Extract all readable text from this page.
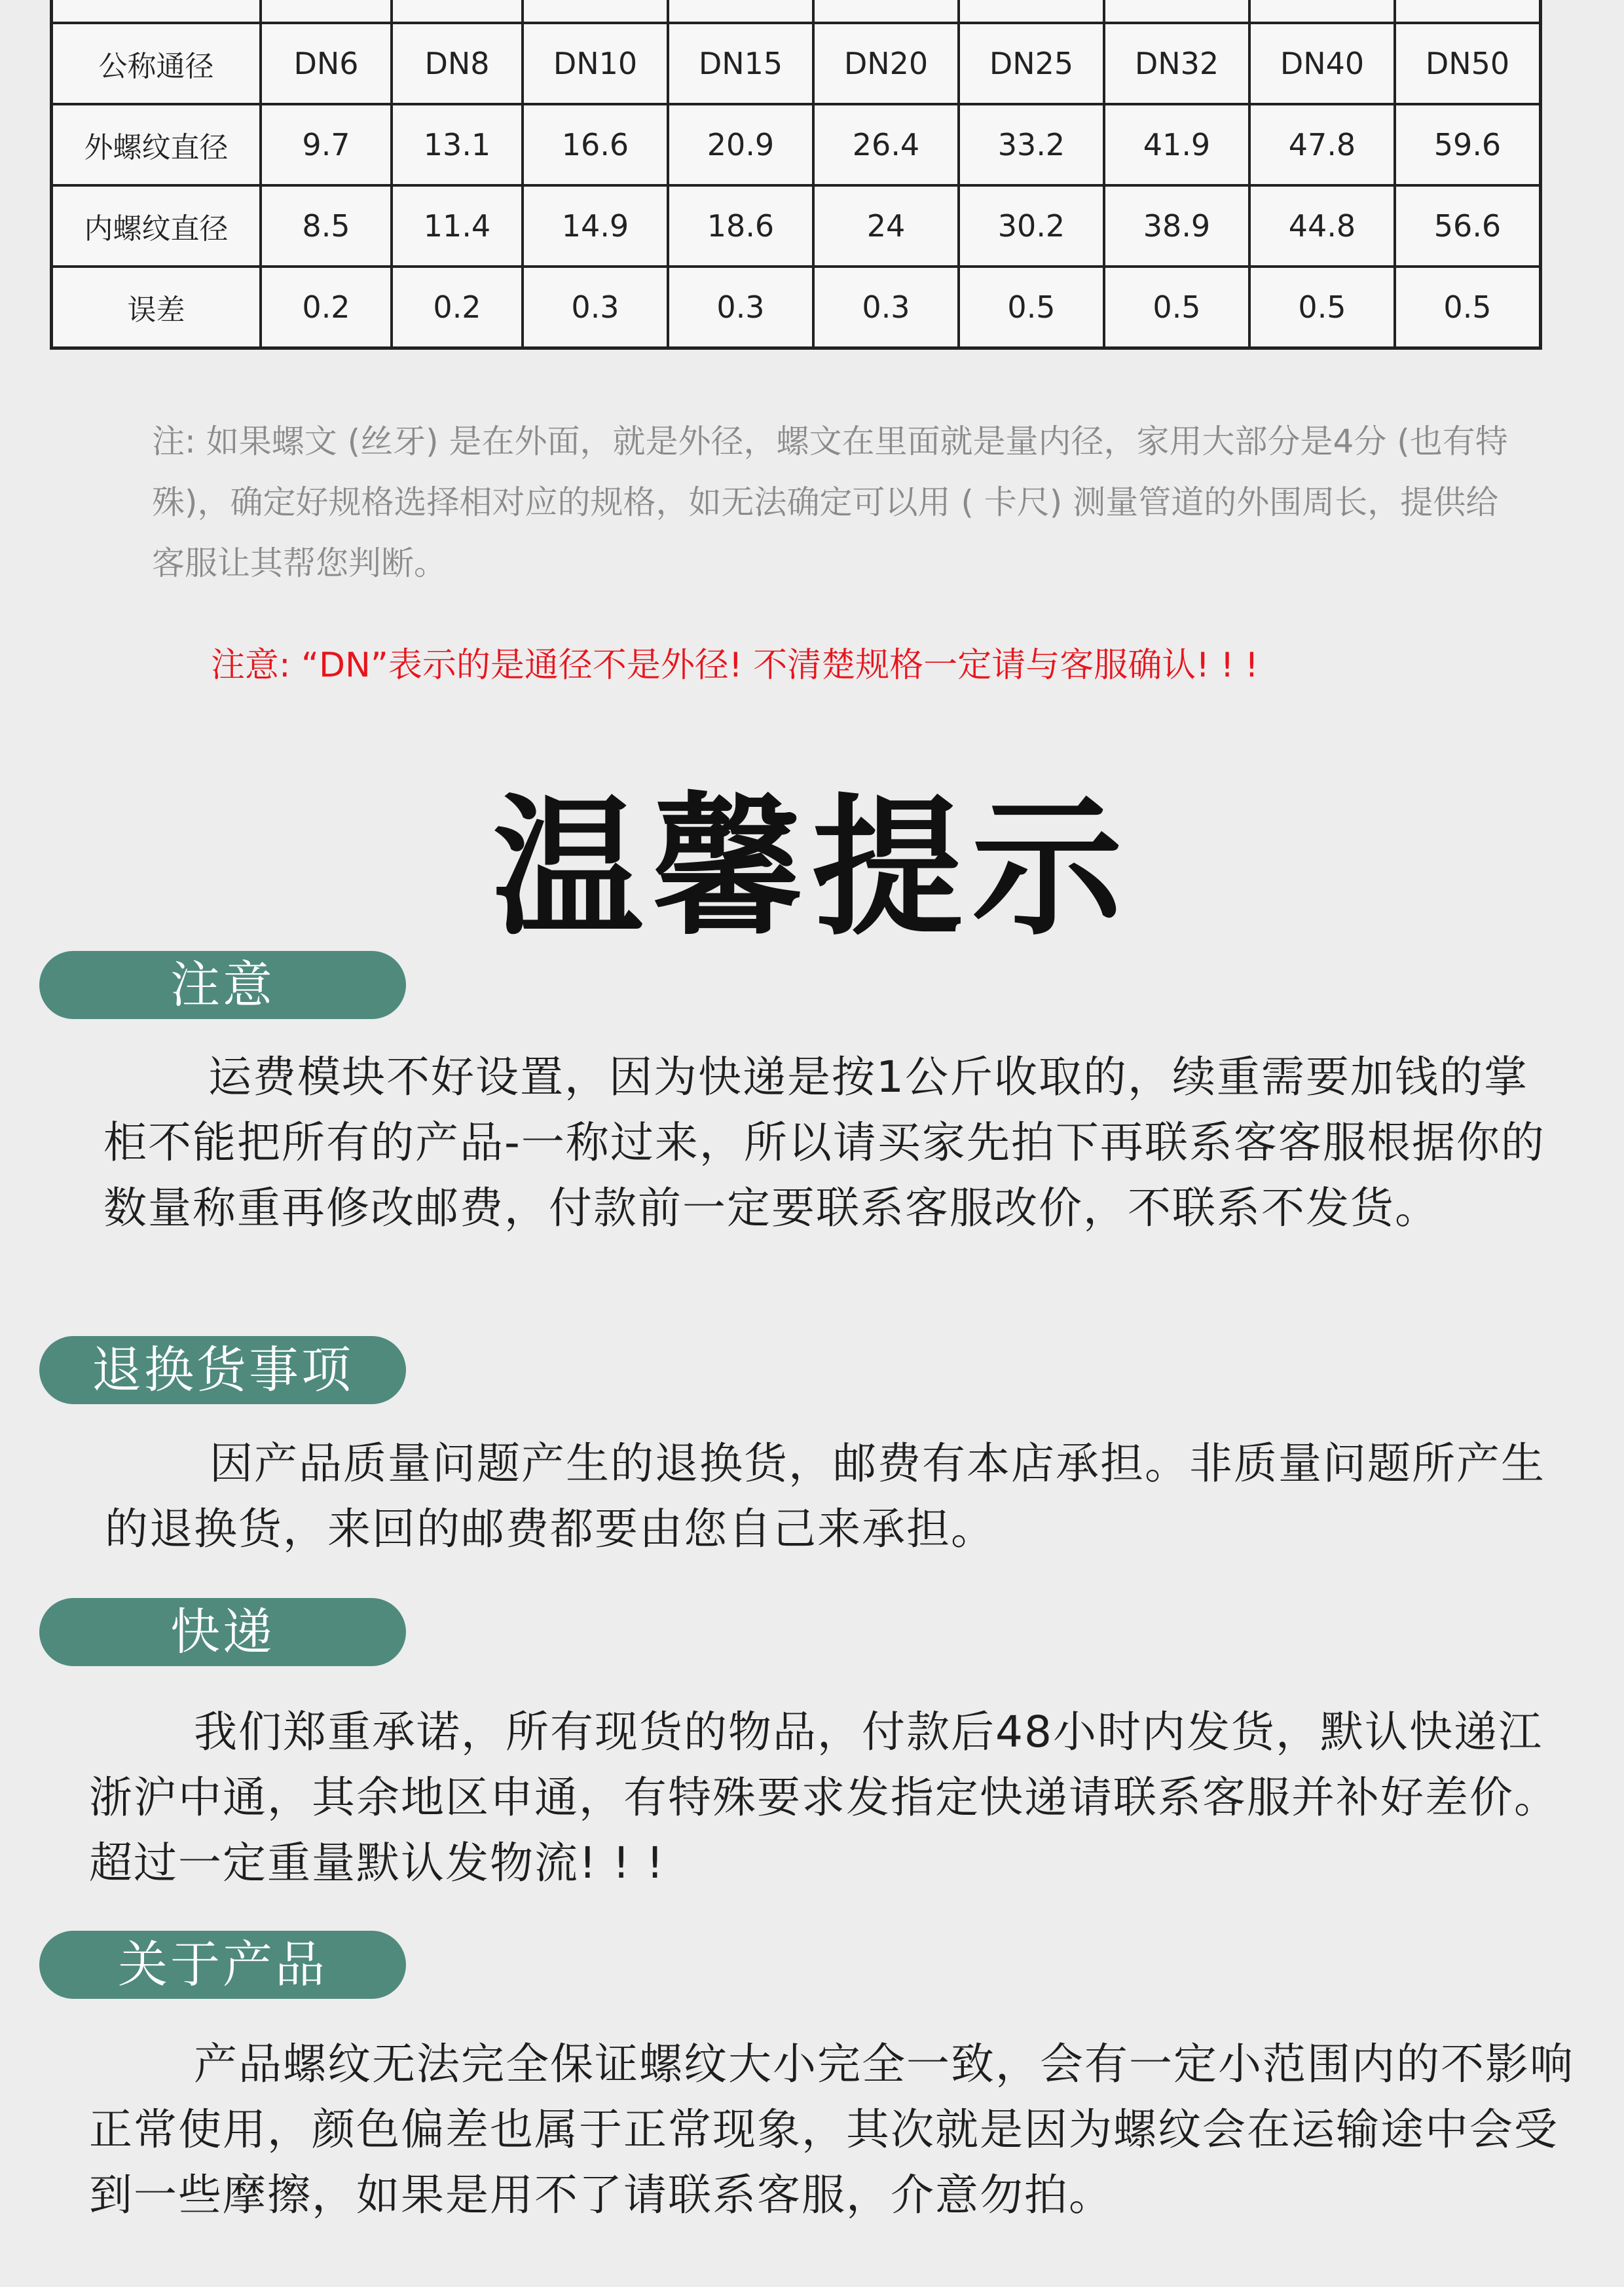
公称通径	DN6	DN8	DN10	DN15	DN20	DN25	DN32	DN40	DN50
外螺纹直径	9.7	13.1	16.6	20.9	26.4	33.2	41.9	47.8	59.6
内螺纹直径	8.5	11.4	14.9	18.6	24	30.2	38.9	44.8	56.6
误差	0.2	0.2	0.3	0.3	0.3	0.5	0.5	0.5	0.5
注: 如果螺文 (丝牙) 是在外面，就是外径，螺文在里面就是量内径，家用大部分是4分 (也有特殊)，确定好规格选择相对应的规格，如无法确定可以用 ( 卡尺) 测量管道的外围周长，提供给客服让其帮您判断。
注意: “DN”表示的是通径不是外径! 不清楚规格一定请与客服确认! ! !
温馨提示
注意

运费模块不好设置，因为快递是按1公斤收取的，续重需要加钱的掌柜不能把所有的产品-一称过来，所以请买家先拍下再联系客客服根据你的数量称重再修改邮费，付款前一定要联系客服改价，不联系不发货。

退换货事项

因产品质量问题产生的退换货，邮费有本店承担。非质量问题所产生的退换货，来回的邮费都要由您自己来承担。

快递

我们郑重承诺，所有现货的物品，付款后48小时内发货，默认快递江浙沪中通，其余地区申通，有特殊要求发指定快递请联系客服并补好差价。超过一定重量默认发物流! ! !

关于产品

产品螺纹无法完全保证螺纹大小完全一致，会有一定小范围内的不影响正常使用，颜色偏差也属于正常现象，其次就是因为螺纹会在运输途中会受到一些摩擦，如果是用不了请联系客服，介意勿拍。
